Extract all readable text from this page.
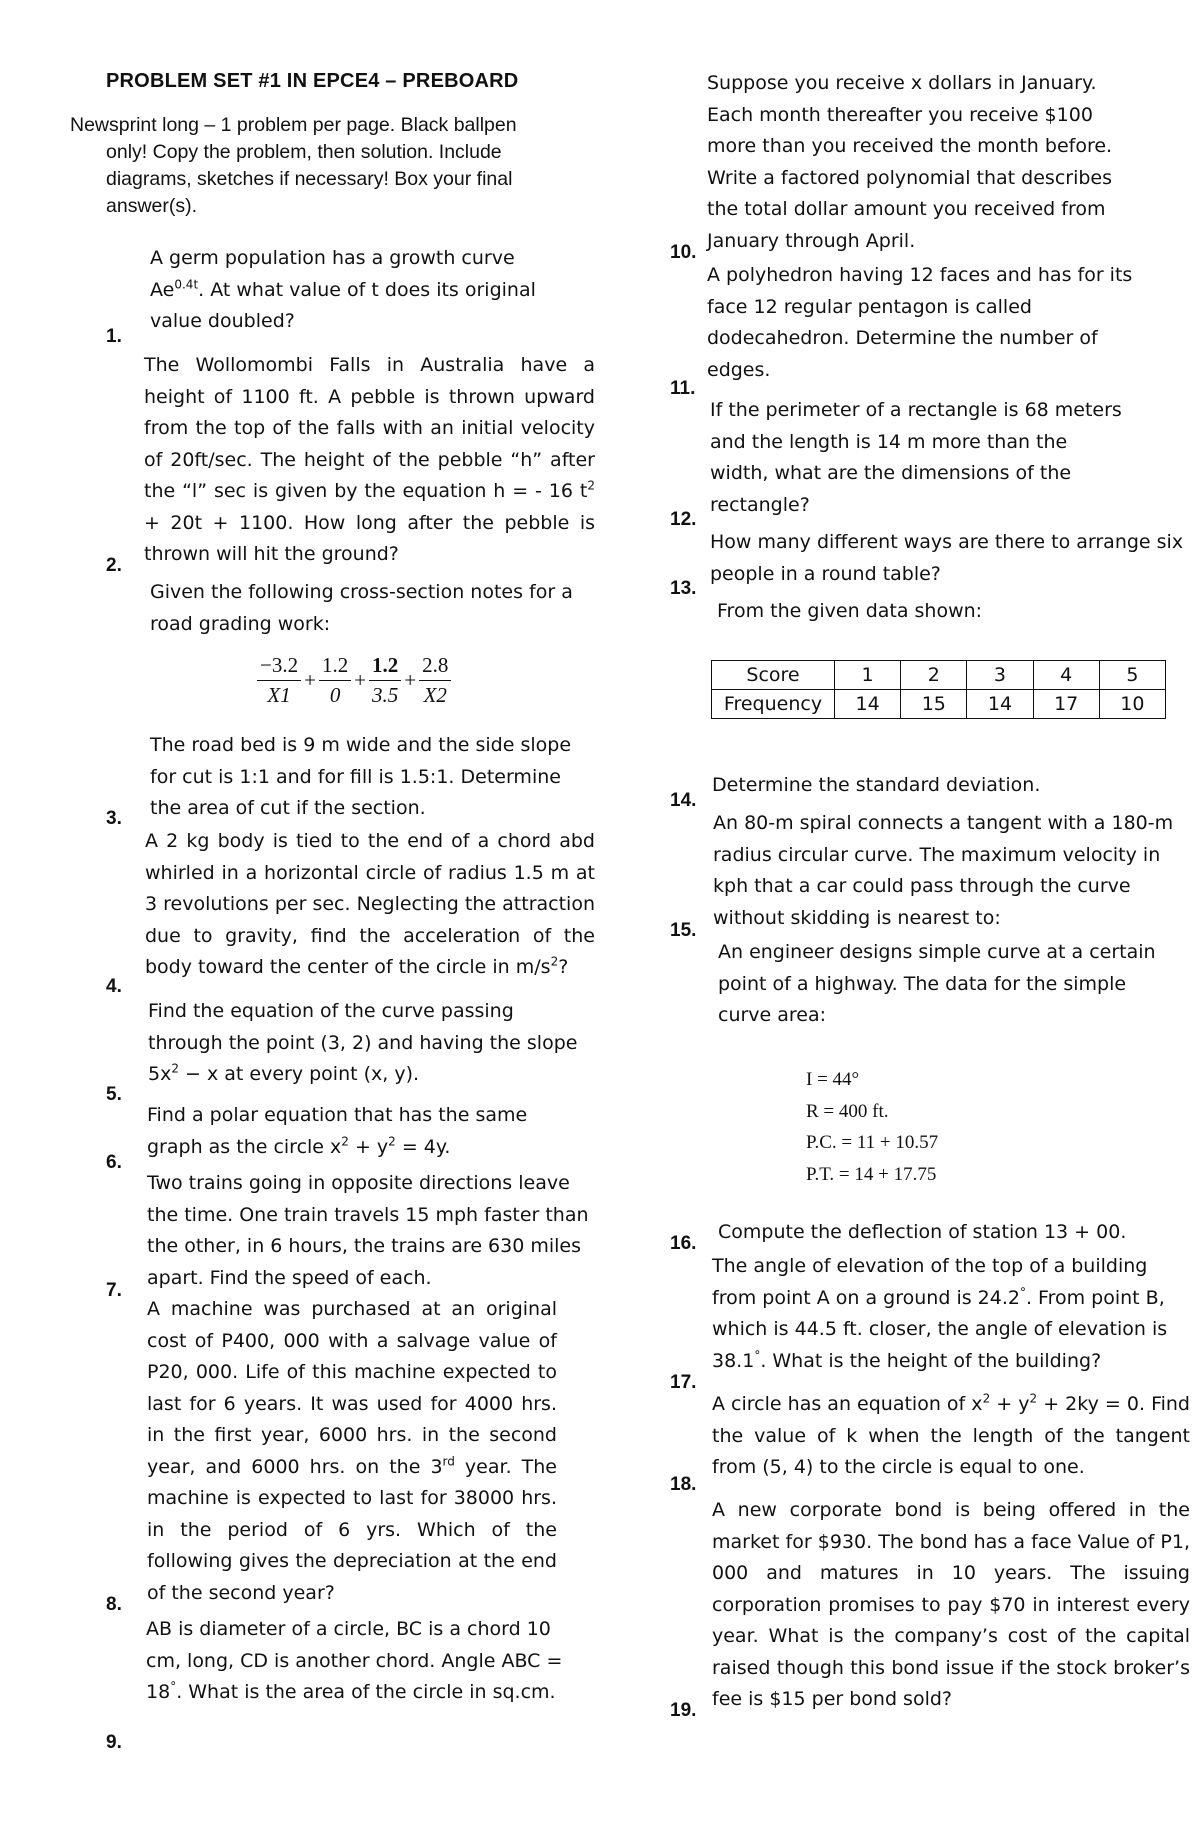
PROBLEM SET #1 IN EPCE4 – PREBOARD
Newsprint long – 1 problem per page. Black ballpen only! Copy the problem, then solution. Include diagrams, sketches if necessary! Box your final answer(s).
A germ population has a growth curve $Ae^{0.4t}$. At what value of t does its original value doubled?
1.
The Wollomombi Falls in Australia have a height of 1100 ft. A pebble is thrown upward from the top of the falls with an initial velocity of 20ft/sec. The height of the pebble “h” after the “l” sec is given by the equation h = - 16 $t^2 + 20t + 1100$. How long after the pebble is thrown will hit the ground?
2.
Given the following cross-section notes for a road grading work:
$\frac{-3.2}{X1} + \frac{1.2}{0} + \frac{1.2}{3.5} + \frac{2.8}{X2}$
The road bed is 9 m wide and the side slope for cut is 1:1 and for fill is 1.5:1. Determine the area of cut if the section.
3.
A 2 kg body is tied to the end of a chord abd whirled in a horizontal circle of radius 1.5 m at 3 revolutions per sec. Neglecting the attraction due to gravity, find the acceleration of the body toward the center of the circle in $m/s^2$?
4.
Find the equation of the curve passing through the point (3, 2) and having the slope $5x^2 - x$ at every point (x, y).
5.
Find a polar equation that has the same graph as the circle $x^2 + y^2 = 4y$.
6.
Two trains going in opposite directions leave the time. One train travels 15 mph faster than the other, in 6 hours, the trains are 630 miles apart. Find the speed of each.
7.
A machine was purchased at an original cost of P400, 000 with a salvage value of P20, 000. Life of this machine expected to last for 6 years. It was used for 4000 hrs. in the first year, 6000 hrs. in the second year, and 6000 hrs. on the 3rd year. The machine is expected to last for 38000 hrs. in the period of 6 yrs. Which of the following gives the depreciation at the end of the second year?
8.
AB is diameter of a circle, BC is a chord 10 cm, long, CD is another chord. Angle ABC = 18°. What is the area of the circle in sq.cm.
9.
Suppose you receive x dollars in January. Each month thereafter you receive $100 more than you received the month before. Write a factored polynomial that describes the total dollar amount you received from January through April.
10.
A polyhedron having 12 faces and has for its face 12 regular pentagon is called dodecahedron. Determine the number of edges.
11.
If the perimeter of a rectangle is 68 meters and the length is 14 m more than the width, what are the dimensions of the rectangle?
12.
How many different ways are there to arrange six people in a round table?
13.
From the given data shown:
Score	1	2	3	4	5
Frequency	14	15	14	17	10
Determine the standard deviation.
14.
An 80-m spiral connects a tangent with a 180-m radius circular curve. The maximum velocity in kph that a car could pass through the curve without skidding is nearest to:
15.
An engineer designs simple curve at a certain point of a highway. The data for the simple curve area:
I = 44°
R = 400 ft.
P.C. = 11 + 10.57
P.T. = 14 + 17.75
Compute the deflection of station 13 + 00.
16.
The angle of elevation of the top of a building from point A on a ground is 24.2°. From point B, which is 44.5 ft. closer, the angle of elevation is 38.1°. What is the height of the building?
17.
A circle has an equation of $x^2 + y^2 + 2ky = 0$. Find the value of k when the length of the tangent from (5, 4) to the circle is equal to one.
18.
A new corporate bond is being offered in the market for $930. The bond has a face Value of P1, 000 and matures in 10 years. The issuing corporation promises to pay $70 in interest every year. What is the company’s cost of the capital raised though this bond issue if the stock broker’s fee is $15 per bond sold?
19.
